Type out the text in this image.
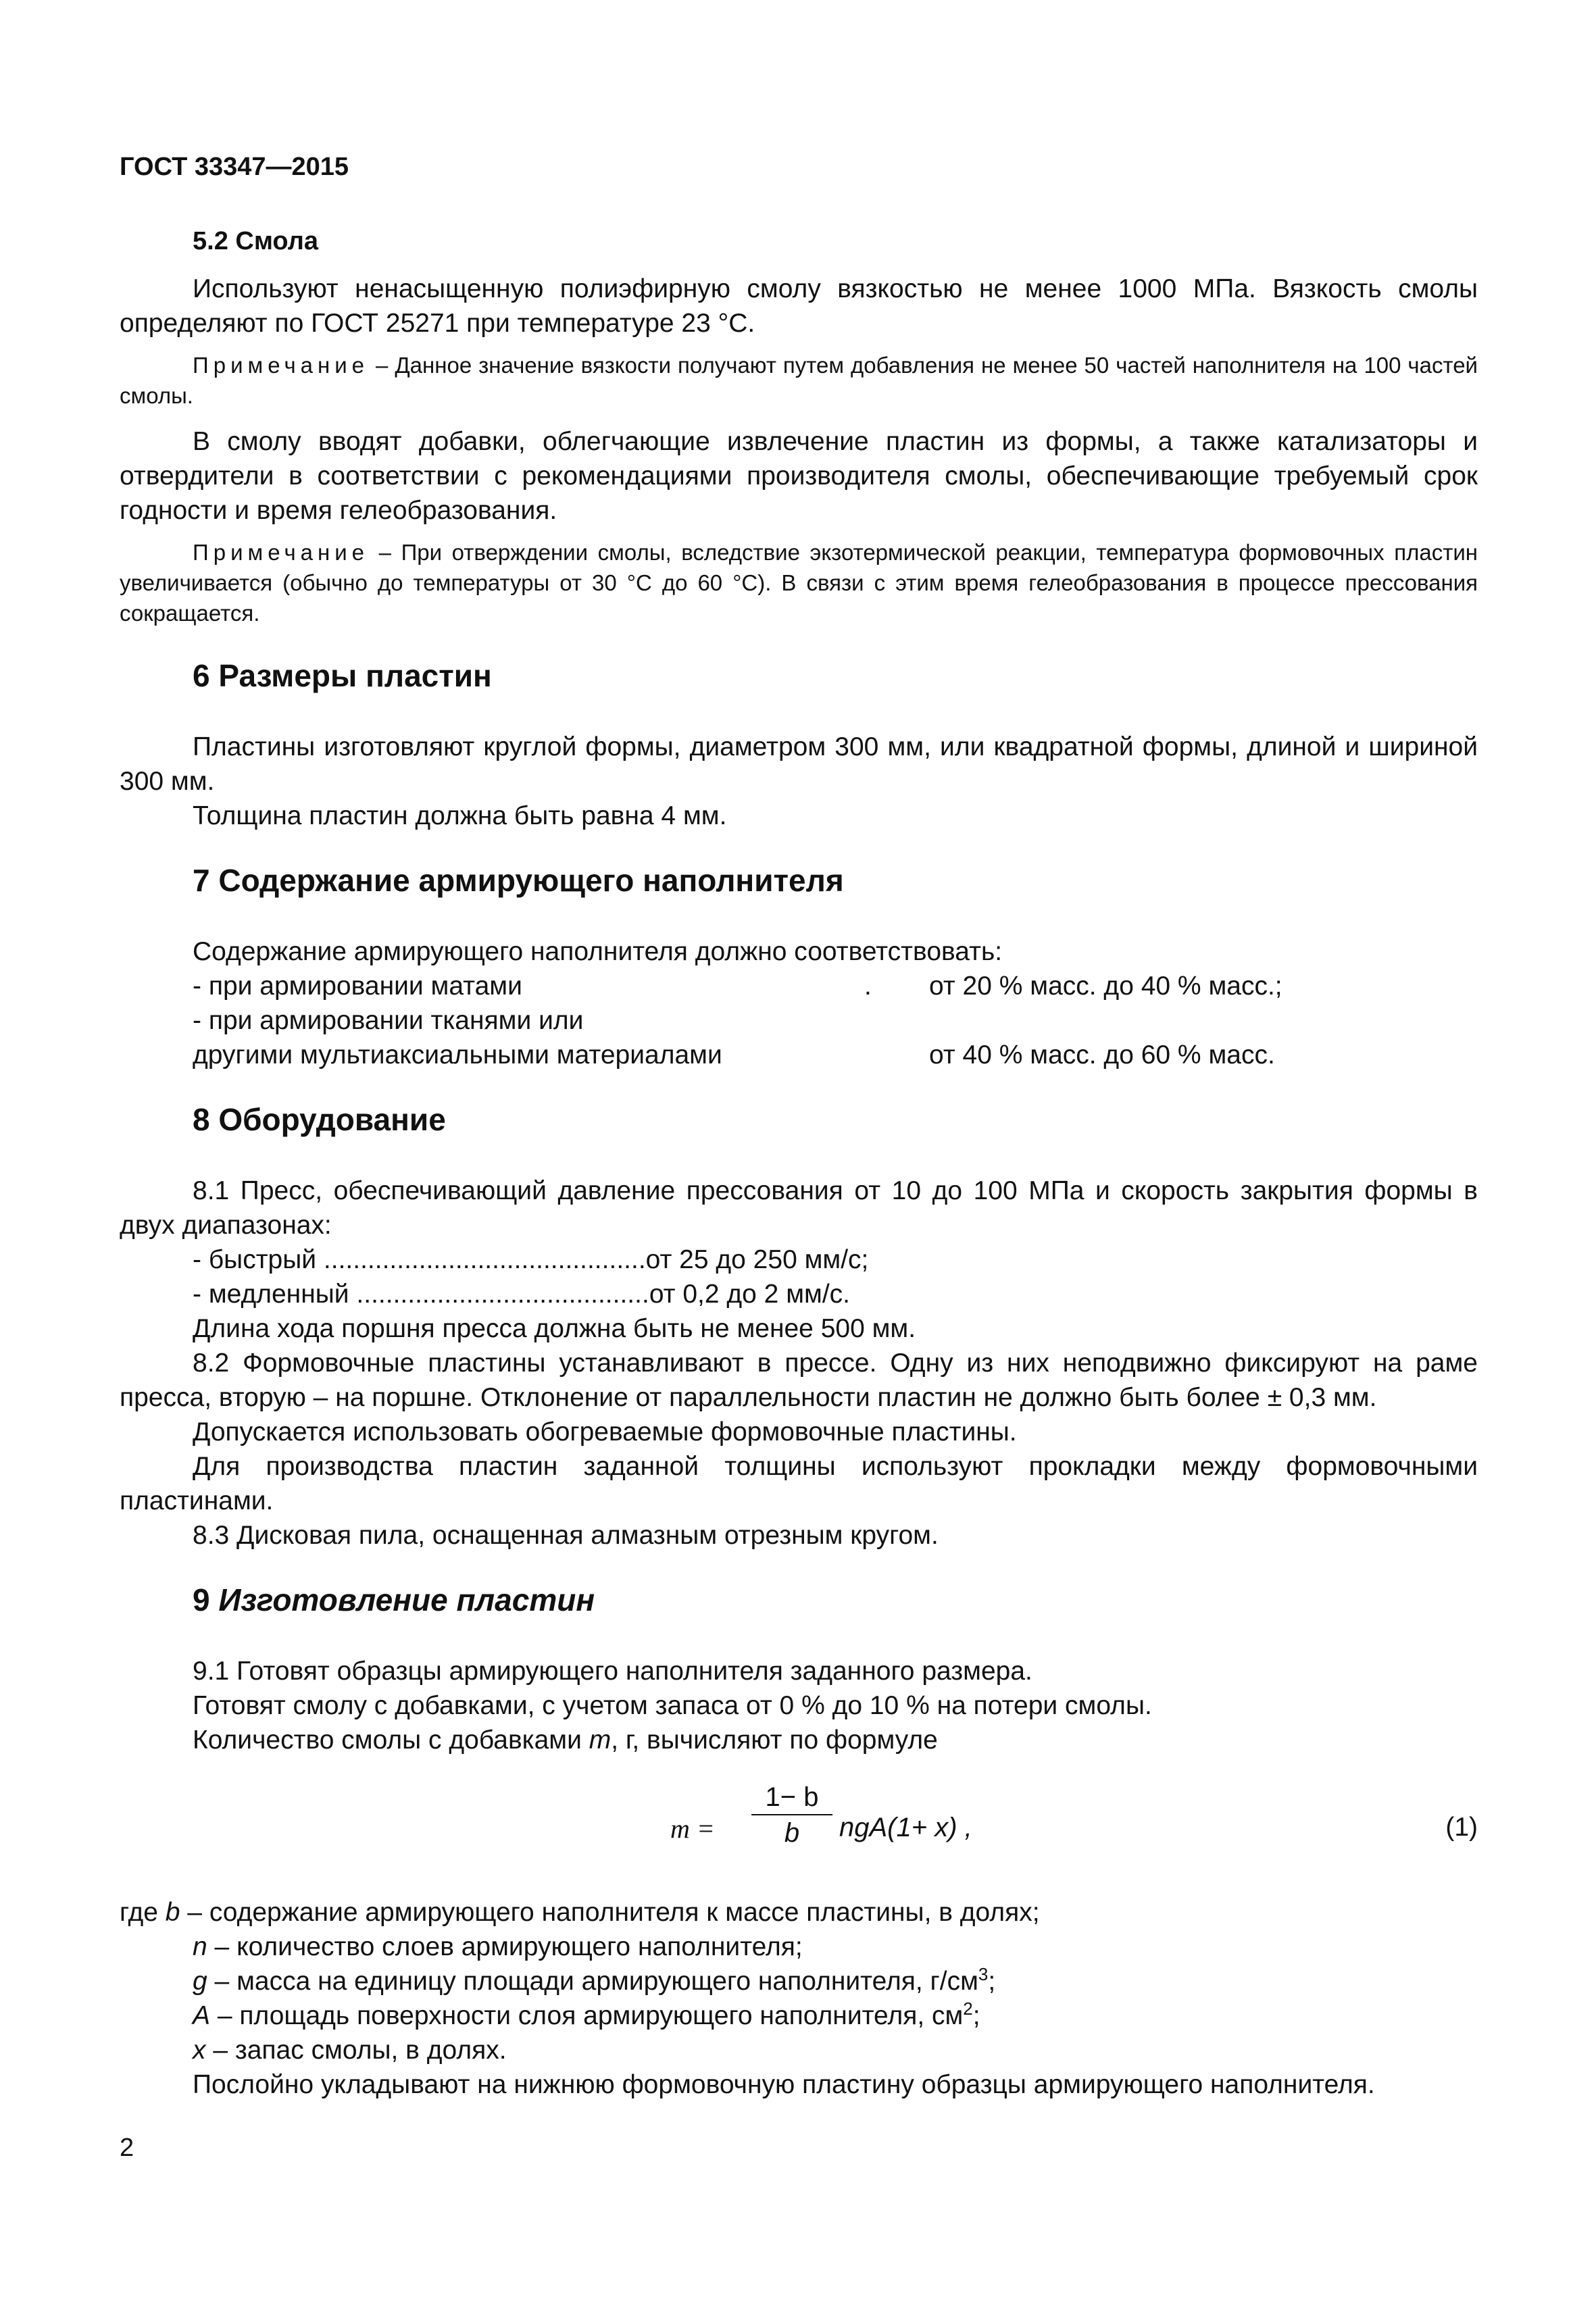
ГОСТ 33347—2015
5.2 Смола

Используют ненасыщенную полиэфирную смолу вязкостью не менее 1000 МПа. Вязкость смолы определяют по ГОСТ 25271 при температуре 23 °С.

Примечание – Данное значение вязкости получают путем добавления не менее 50 частей наполнителя на 100 частей смолы.

В смолу вводят добавки, облегчающие извлечение пластин из формы, а также катализаторы и отвердители в соответствии с рекомендациями производителя смолы, обеспечивающие требуемый срок годности и время гелеобразования.

Примечание – При отверждении смолы, вследствие экзотермической реакции, температура формовочных пластин увеличивается (обычно до температуры от 30 °С до 60 °С). В связи с этим время гелеобразования в процессе прессования сокращается.
6 Размеры пластин

Пластины изготовляют круглой формы, диаметром 300 мм, или квадратной формы, длиной и шириной 300 мм.

Толщина пластин должна быть равна 4 мм.

7 Содержание армирующего наполнителя

Содержание армирующего наполнителя должно соответствовать:

- при армировании матами	. от 20 % масс. до 40 % масс.;
- при армировании тканями или
другими мультиаксиальными материалами	от 40 % масс. до 60 % масс.
8 Оборудование

8.1 Пресс, обеспечивающий давление прессования от 10 до 100 МПа и скорость закрытия формы в двух диапазонах:

- быстрый ............................................от 25 до 250 мм/с;

- медленный ........................................от 0,2 до 2 мм/с.

Длина хода поршня пресса должна быть не менее 500 мм.

8.2 Формовочные пластины устанавливают в прессе. Одну из них неподвижно фиксируют на раме пресса, вторую – на поршне. Отклонение от параллельности пластин не должно быть более ± 0,3 мм.

Допускается использовать обогреваемые формовочные пластины.

Для производства пластин заданной толщины используют прокладки между формовочными пластинами.

8.3 Дисковая пила, оснащенная алмазным отрезным кругом.

9 Изготовление пластин

9.1 Готовят образцы армирующего наполнителя заданного размера.

Готовят смолу с добавками, с учетом запаса от 0 % до 10 % на потери смолы.

Количество смолы с добавками m, г, вычисляют по формуле

$m = \frac{1- b}{b} ngA(1+ x)$ ,	(1)

где b – содержание армирующего наполнителя к массе пластины, в долях;

n – количество слоев армирующего наполнителя;

g – масса на единицу площади армирующего наполнителя, $г/см^3$;

A – площадь поверхности слоя армирующего наполнителя, $см^2$;

x – запас смолы, в долях.

Послойно укладывают на нижнюю формовочную пластину образцы армирующего наполнителя.

2
